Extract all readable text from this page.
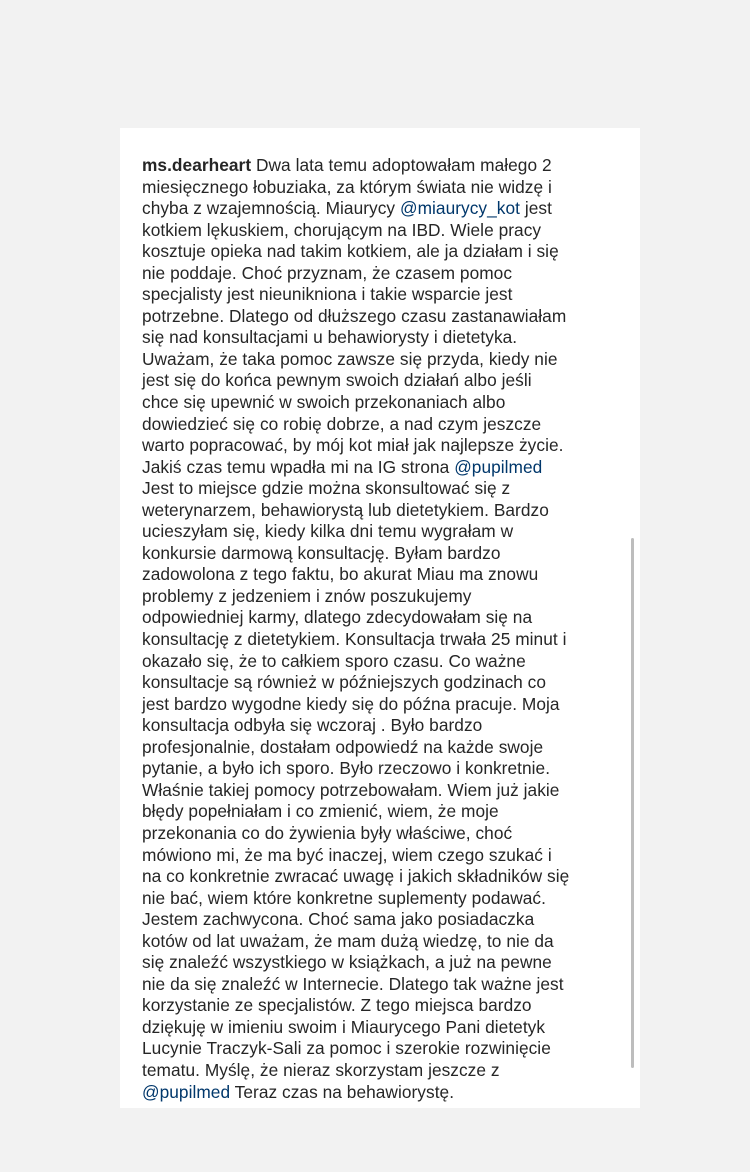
ms.dearheart Dwa lata temu adoptowałam małego 2
miesięcznego łobuziaka, za którym świata nie widzę i
chyba z wzajemnością. Miaurycy @miaurycy_kot jest
kotkiem lękuskiem, chorującym na IBD. Wiele pracy
kosztuje opieka nad takim kotkiem, ale ja działam i się
nie poddaje. Choć przyznam, że czasem pomoc
specjalisty jest nieunikniona i takie wsparcie jest
potrzebne. Dlatego od dłuższego czasu zastanawiałam
się nad konsultacjami u behawiorysty i dietetyka.
Uważam, że taka pomoc zawsze się przyda, kiedy nie
jest się do końca pewnym swoich działań albo jeśli
chce się upewnić w swoich przekonaniach albo
dowiedzieć się co robię dobrze, a nad czym jeszcze
warto popracować, by mój kot miał jak najlepsze życie.
Jakiś czas temu wpadła mi na IG strona @pupilmed
Jest to miejsce gdzie można skonsultować się z
weterynarzem, behawiorystą lub dietetykiem. Bardzo
ucieszyłam się, kiedy kilka dni temu wygrałam w
konkursie darmową konsultację. Byłam bardzo
zadowolona z tego faktu, bo akurat Miau ma znowu
problemy z jedzeniem i znów poszukujemy
odpowiedniej karmy, dlatego zdecydowałam się na
konsultację z dietetykiem. Konsultacja trwała 25 minut i
okazało się, że to całkiem sporo czasu. Co ważne
konsultacje są również w późniejszych godzinach co
jest bardzo wygodne kiedy się do późna pracuje. Moja
konsultacja odbyła się wczoraj . Było bardzo
profesjonalnie, dostałam odpowiedź na każde swoje
pytanie, a było ich sporo. Było rzeczowo i konkretnie.
Właśnie takiej pomocy potrzebowałam. Wiem już jakie
błędy popełniałam i co zmienić, wiem, że moje
przekonania co do żywienia były właściwe, choć
mówiono mi, że ma być inaczej, wiem czego szukać i
na co konkretnie zwracać uwagę i jakich składników się
nie bać, wiem które konkretne suplementy podawać.
Jestem zachwycona. Choć sama jako posiadaczka
kotów od lat uważam, że mam dużą wiedzę, to nie da
się znaleźć wszystkiego w książkach, a już na pewne
nie da się znaleźć w Internecie. Dlatego tak ważne jest
korzystanie ze specjalistów. Z tego miejsca bardzo
dziękuję w imieniu swoim i Miaurycego Pani dietetyk
Lucynie Traczyk-Sali za pomoc i szerokie rozwinięcie
tematu. Myślę, że nieraz skorzystam jeszcze z
@pupilmed Teraz czas na behawiorystę.
